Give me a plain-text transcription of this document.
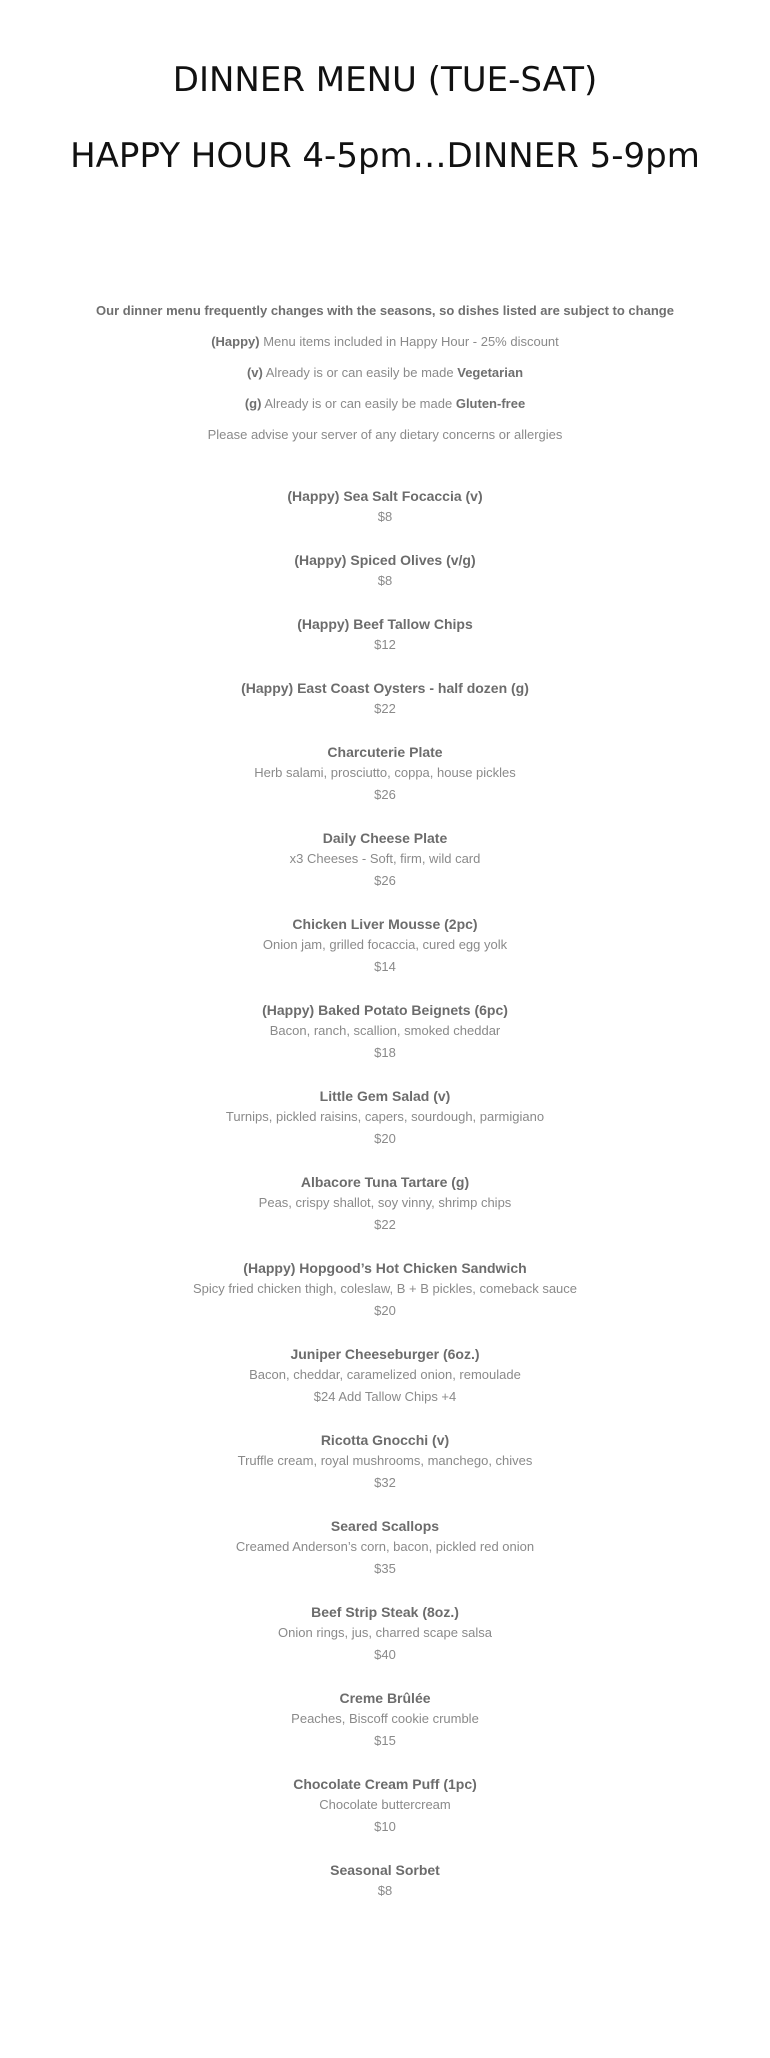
DINNER MENU (TUE-SAT)
HAPPY HOUR 4-5pm…DINNER 5-9pm

Our dinner menu frequently changes with the seasons, so dishes listed are subject to change

(Happy) Menu items included in Happy Hour - 25% discount

(v) Already is or can easily be made Vegetarian

(g) Already is or can easily be made Gluten-free

Please advise your server of any dietary concerns or allergies

(Happy) Sea Salt Focaccia (v)
$8
(Happy) Spiced Olives (v/g)
$8
(Happy) Beef Tallow Chips
$12
(Happy) East Coast Oysters - half dozen (g)
$22
Charcuterie Plate
Herb salami, prosciutto, coppa, house pickles
$26
Daily Cheese Plate
x3 Cheeses - Soft, firm, wild card
$26
Chicken Liver Mousse (2pc)
Onion jam, grilled focaccia, cured egg yolk
$14
(Happy) Baked Potato Beignets (6pc)
Bacon, ranch, scallion, smoked cheddar
$18
Little Gem Salad (v)
Turnips, pickled raisins, capers, sourdough, parmigiano
$20
Albacore Tuna Tartare (g)
Peas, crispy shallot, soy vinny, shrimp chips
$22
(Happy) Hopgood’s Hot Chicken Sandwich
Spicy fried chicken thigh, coleslaw, B + B pickles, comeback sauce
$20
Juniper Cheeseburger (6oz.)
Bacon, cheddar, caramelized onion, remoulade
$24 Add Tallow Chips +4
Ricotta Gnocchi (v)
Truffle cream, royal mushrooms, manchego, chives
$32
Seared Scallops
Creamed Anderson’s corn, bacon, pickled red onion
$35
Beef Strip Steak (8oz.)
Onion rings, jus, charred scape salsa
$40
Creme Brûlée
Peaches, Biscoff cookie crumble
$15
Chocolate Cream Puff (1pc)
Chocolate buttercream
$10
Seasonal Sorbet
$8
